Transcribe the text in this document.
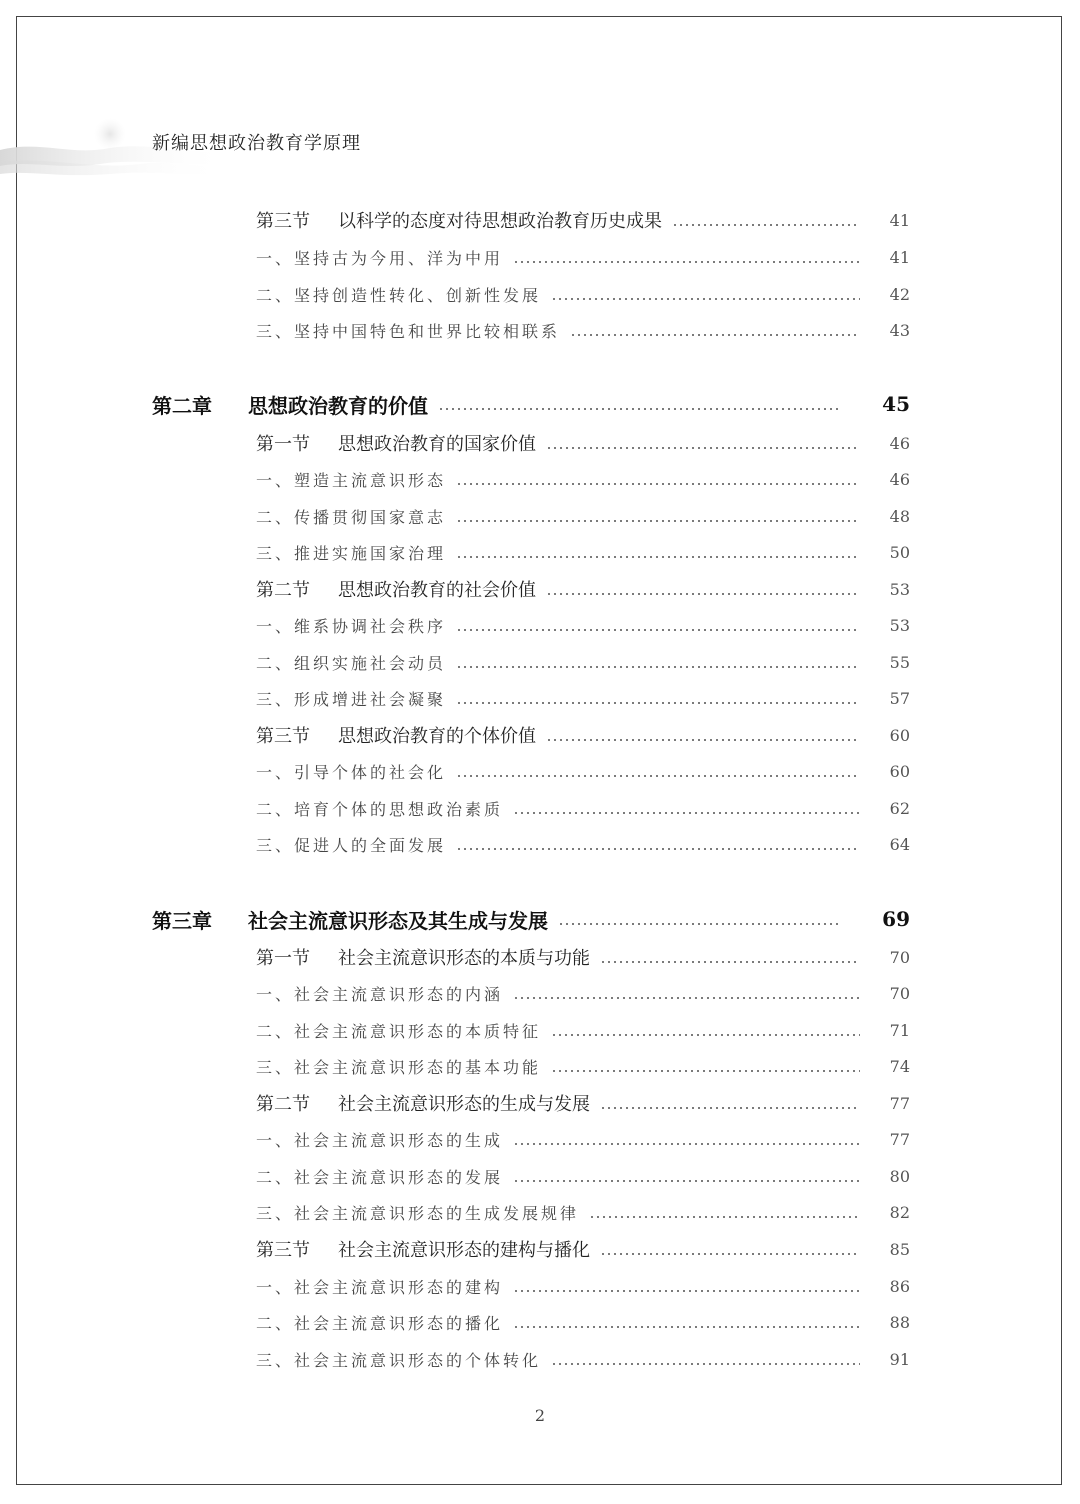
新编思想政治教育学原理
第三节 以科学的态度对待思想政治教育历史成果	41
一、坚持古为今用、洋为中用	41
二、坚持创造性转化、创新性发展	42
三、坚持中国特色和世界比较相联系	43
第二章 思想政治教育的价值	45
第一节 思想政治教育的国家价值	46
一、塑造主流意识形态	46
二、传播贯彻国家意志	48
三、推进实施国家治理	50
第二节 思想政治教育的社会价值	53
一、维系协调社会秩序	53
二、组织实施社会动员	55
三、形成增进社会凝聚	57
第三节 思想政治教育的个体价值	60
一、引导个体的社会化	60
二、培育个体的思想政治素质	62
三、促进人的全面发展	64
第三章 社会主流意识形态及其生成与发展	69
第一节 社会主流意识形态的本质与功能	70
一、社会主流意识形态的内涵	70
二、社会主流意识形态的本质特征	71
三、社会主流意识形态的基本功能	74
第二节 社会主流意识形态的生成与发展	77
一、社会主流意识形态的生成	77
二、社会主流意识形态的发展	80
三、社会主流意识形态的生成发展规律	82
第三节 社会主流意识形态的建构与播化	85
一、社会主流意识形态的建构	86
二、社会主流意识形态的播化	88
三、社会主流意识形态的个体转化	91
2
